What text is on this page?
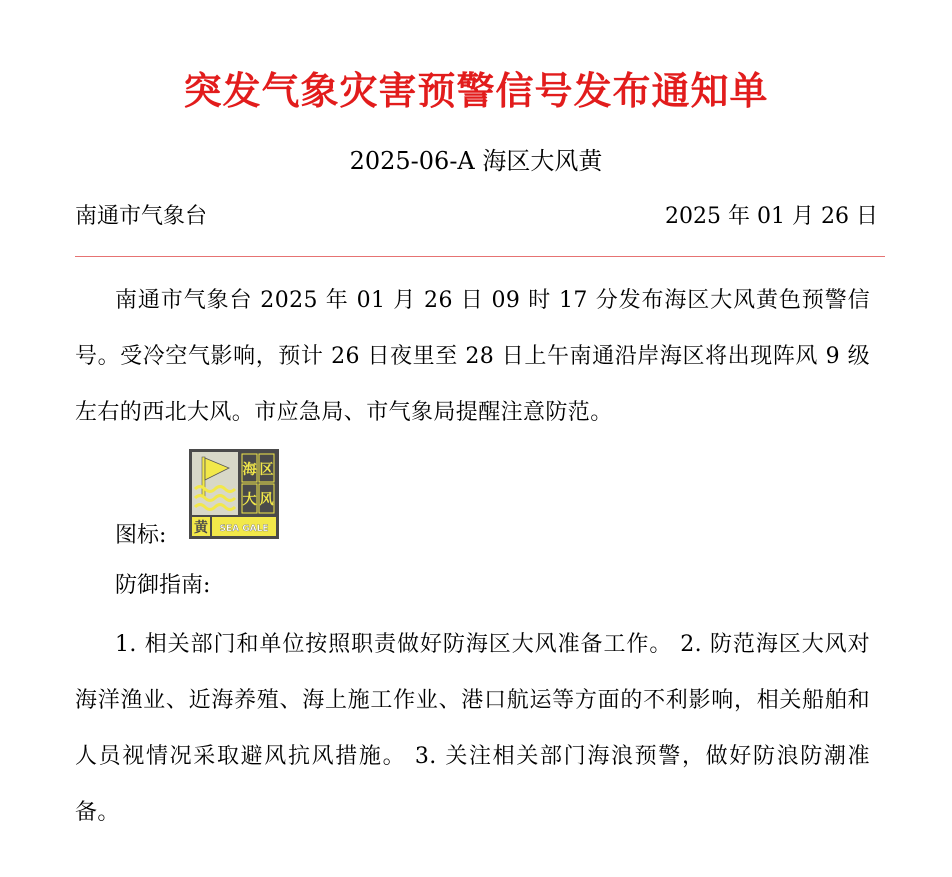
突发气象灾害预警信号发布通知单
2025-06-A 海区大风黄
南通市气象台	2025 年 01 月 26 日
南通市气象台 2025 年 01 月 26 日 09 时 17 分发布海区大风黄色预警信号。受冷空气影响，预计 26 日夜里至 28 日上午南通沿岸海区将出现阵风 9 级左右的西北大风。市应急局、市气象局提醒注意防范。
图标:
海 区
大 风
黄 SEA GALE
防御指南:
1. 相关部门和单位按照职责做好防海区大风准备工作。 2. 防范海区大风对海洋渔业、近海养殖、海上施工作业、港口航运等方面的不利影响，相关船舶和人员视情况采取避风抗风措施。 3. 关注相关部门海浪预警，做好防浪防潮准备。
